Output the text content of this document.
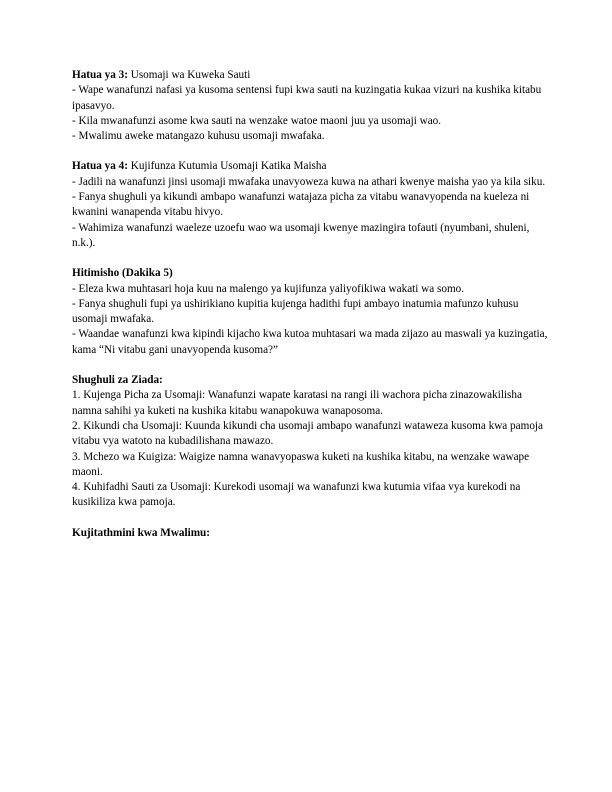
Hatua ya 3: Usomaji wa Kuweka Sauti
- Wape wanafunzi nafasi ya kusoma sentensi fupi kwa sauti na kuzingatia kukaa vizuri na kushika kitabu ipasavyo.
- Kila mwanafunzi asome kwa sauti na wenzake watoe maoni juu ya usomaji wao.
- Mwalimu aweke matangazo kuhusu usomaji mwafaka.
Hatua ya 4: Kujifunza Kutumia Usomaji Katika Maisha
- Jadili na wanafunzi jinsi usomaji mwafaka unavyoweza kuwa na athari kwenye maisha yao ya kila siku.
- Fanya shughuli ya kikundi ambapo wanafunzi watajaza picha za vitabu wanavyopenda na kueleza ni kwanini wanapenda vitabu hivyo.
- Wahimiza wanafunzi waeleze uzoefu wao wa usomaji kwenye mazingira tofauti (nyumbani, shuleni, n.k.).
Hitimisho (Dakika 5)
- Eleza kwa muhtasari hoja kuu na malengo ya kujifunza yaliyofikiwa wakati wa somo.
- Fanya shughuli fupi ya ushirikiano kupitia kujenga hadithi fupi ambayo inatumia mafunzo kuhusu usomaji mwafaka.
- Waandae wanafunzi kwa kipindi kijacho kwa kutoa muhtasari wa mada zijazo au maswali ya kuzingatia, kama “Ni vitabu gani unavyopenda kusoma?”
Shughuli za Ziada:
1. Kujenga Picha za Usomaji: Wanafunzi wapate karatasi na rangi ili wachora picha zinazowakilisha namna sahihi ya kuketi na kushika kitabu wanapokuwa wanaposoma.
2. Kikundi cha Usomaji: Kuunda kikundi cha usomaji ambapo wanafunzi wataweza kusoma kwa pamoja vitabu vya watoto na kubadilishana mawazo.
3. Mchezo wa Kuigiza: Waigize namna wanavyopaswa kuketi na kushika kitabu, na wenzake wawape maoni.
4. Kuhifadhi Sauti za Usomaji: Kurekodi usomaji wa wanafunzi kwa kutumia vifaa vya kurekodi na kusikiliza kwa pamoja.
Kujitathmini kwa Mwalimu:
